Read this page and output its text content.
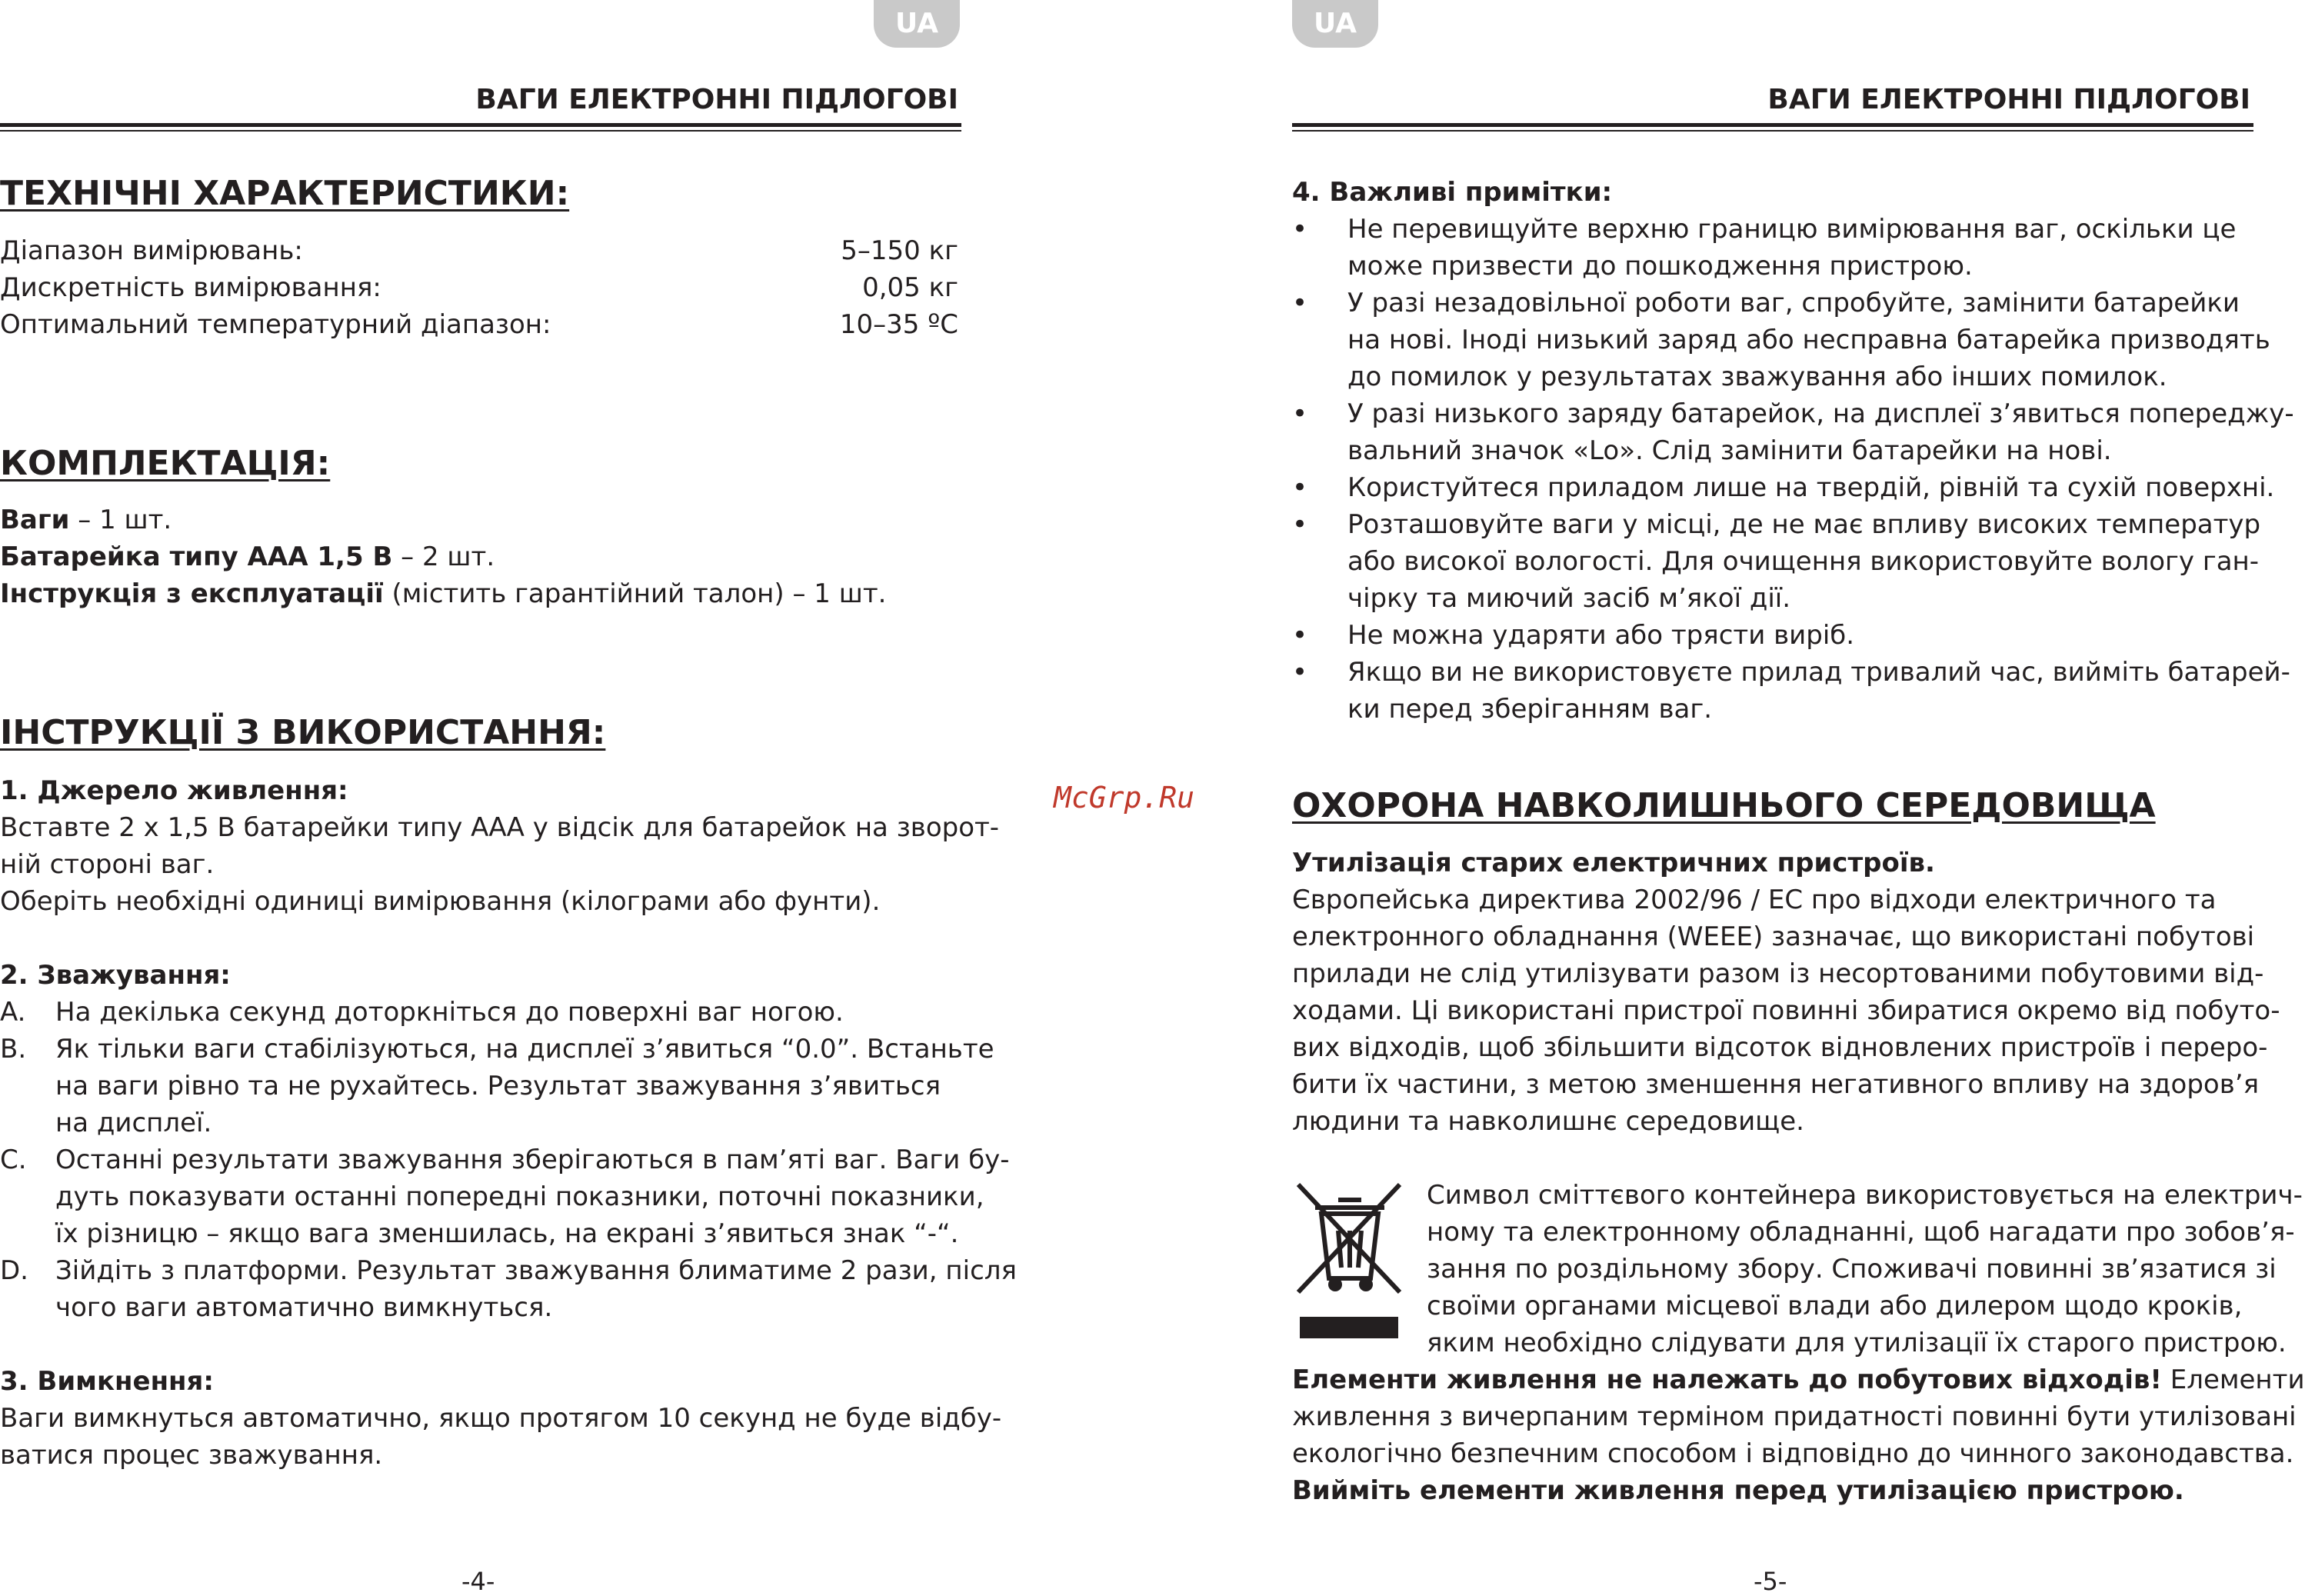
UA
ВАГИ ЕЛЕКТРОННІ ПІДЛОГОВІ
ТЕХНІЧНІ ХАРАКТЕРИСТИКИ:
Діапазон вимірювань:	5–150 кг
Дискретність вимірювання:	0,05 кг
Оптимальний температурний діапазон:	10–35 ºC
КОМПЛЕКТАЦІЯ:
Ваги – 1 шт.
Батарейка типу ААА 1,5 В – 2 шт.
Інструкція з експлуатації (містить гарантійний талон) – 1 шт.
ІНСТРУКЦІЇ З ВИКОРИСТАННЯ:
1. Джерело живлення:
Вставте 2 х 1,5 В батарейки типу ААА у відсік для батарейок на зворот-
ній стороні ваг.
Оберіть необхідні одиниці вимірювання (кілограми або фунти).
2. Зважування:
A.	На декілька секунд доторкніться до поверхні ваг ногою.
B.	Як тільки ваги стабілізуються, на дисплеї з’явиться “0.0”. Встаньте
на ваги рівно та не рухайтесь. Результат зважування з’явиться
на дисплеї.
C.	Останні результати зважування зберігаються в пам’яті ваг. Ваги бу-
дуть показувати останні попередні показники, поточні показники,
їх різницю – якщо вага зменшилась, на екрані з’явиться знак “-“.
D.	Зійдіть з платформи. Результат зважування блиматиме 2 рази, після
чого ваги автоматично вимкнуться.
3. Вимкнення:
Ваги вимкнуться автоматично, якщо протягом 10 секунд не буде відбу-
ватися процес зважування.
-4-
McGrp.Ru
UA
ВАГИ ЕЛЕКТРОННІ ПІДЛОГОВІ
4. Важливі примітки:
•	Не перевищуйте верхню границю вимірювання ваг, оскільки це
може призвести до пошкодження пристрою.
•	У разі незадовільної роботи ваг, спробуйте, замінити батарейки
на нові. Іноді низький заряд або несправна батарейка призводять
до помилок у результатах зважування або інших помилок.
•	У разі низького заряду батарейок, на дисплеї з’явиться попереджу-
вальний значок «Lo». Слід замінити батарейки на нові.
•	Користуйтеся приладом лише на твердій, рівній та сухій поверхні.
•	Розташовуйте ваги у місці, де не має впливу високих температур
або високої вологості. Для очищення використовуйте вологу ган-
чірку та миючий засіб м’якої дії.
•	Не можна ударяти або трясти виріб.
•	Якщо ви не використовуєте прилад тривалий час, вийміть батарей-
ки перед зберіганням ваг.
ОХОРОНА НАВКОЛИШНЬОГО СЕРЕДОВИЩА
Утилізація старих електричних пристроїв.
Європейська директива 2002/96 / EC про відходи електричного та
електронного обладнання (WEEE) зазначає, що використані побутові
прилади не слід утилізувати разом із несортованими побутовими від-
ходами. Ці використані пристрої повинні збиратися окремо від побуто-
вих відходів, щоб збільшити відсоток відновлених пристроїв і переро-
бити їх частини, з метою зменшення негативного впливу на здоров’я
людини та навколишнє середовище.
Символ сміттєвого контейнера використовується на електрич-
ному та електронному обладнанні, щоб нагадати про зобов’я-
зання по роздільному збору. Споживачі повинні зв’язатися зі
своїми органами місцевої влади або дилером щодо кроків,
яким необхідно слідувати для утилізації їх старого пристрою.
Елементи живлення не належать до побутових відходів! Елементи
живлення з вичерпаним терміном придатності повинні бути утилізовані
екологічно безпечним способом і відповідно до чинного законодавства.
Вийміть елементи живлення перед утилізацією пристрою.
-5-
